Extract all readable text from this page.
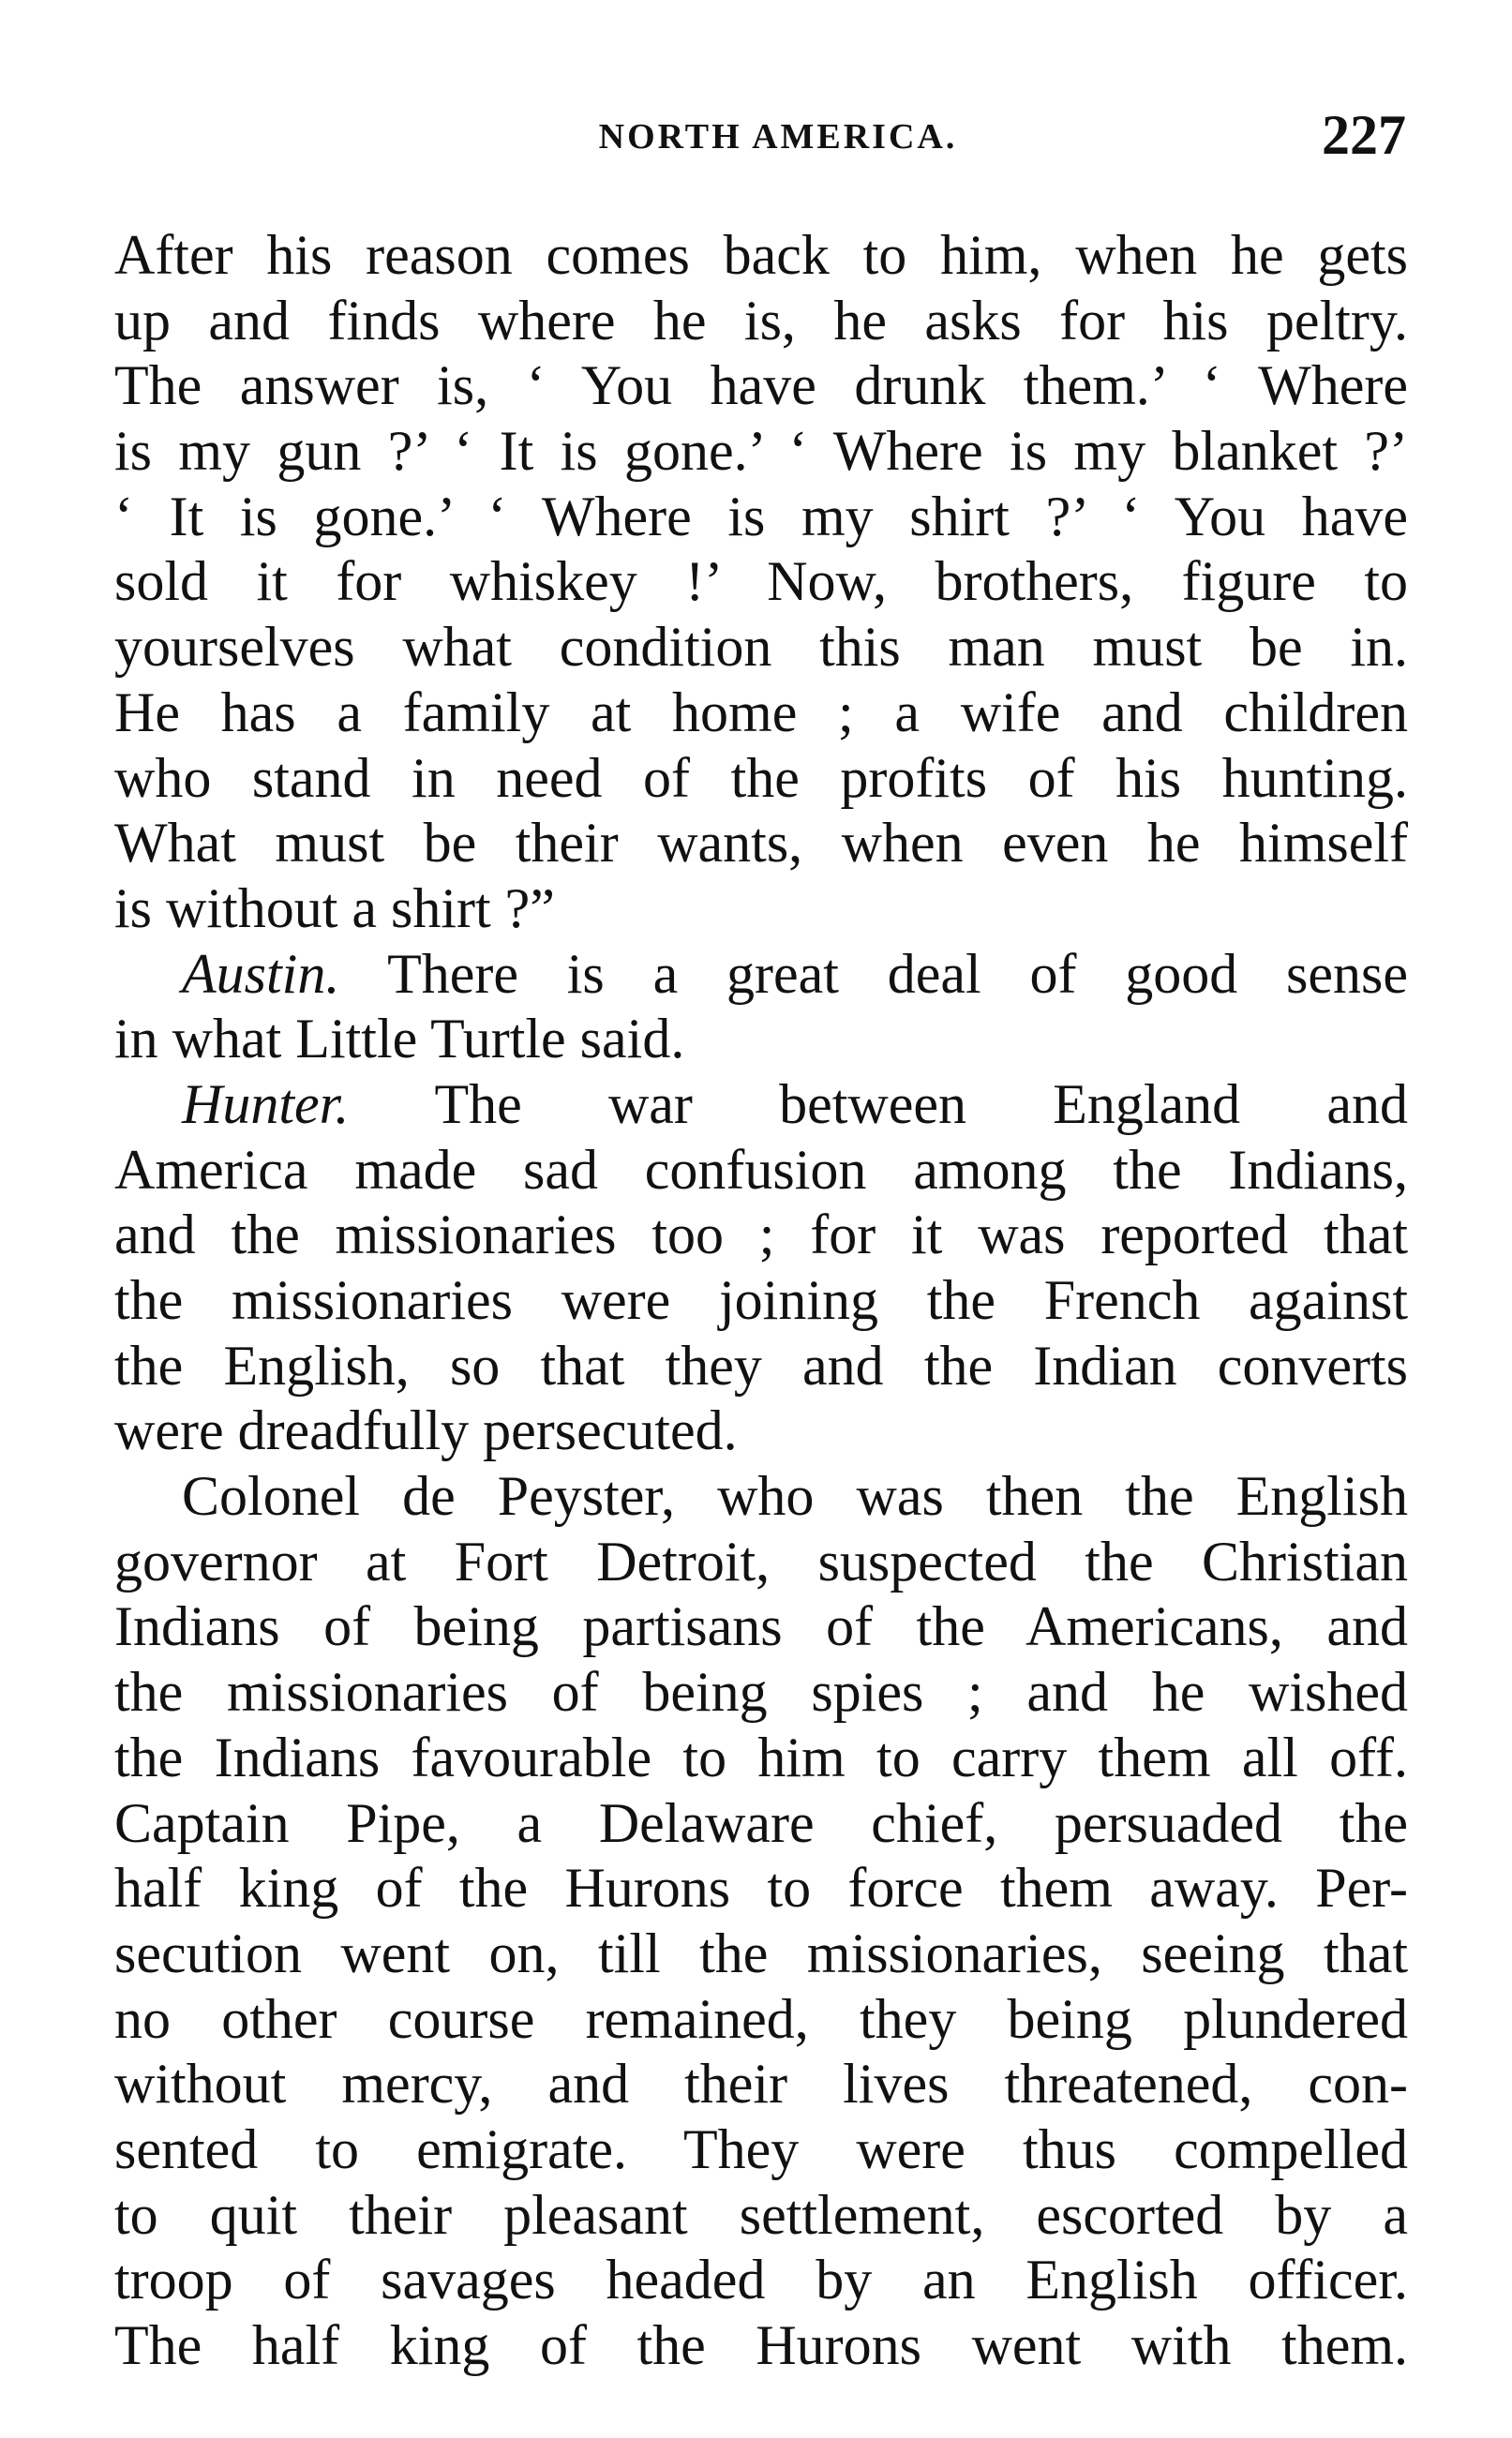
NORTH AMERICA.	227
After his reason comes back to him, when he gets
up and finds where he is, he asks for his peltry.
The answer is, ‘ You have drunk them.’ ‘ Where
is my gun ?’ ‘ It is gone.’ ‘ Where is my blanket ?’
‘ It is gone.’ ‘ Where is my shirt ?’ ‘ You have
sold it for whiskey !’ Now, brothers, figure to
yourselves what condition this man must be in.
He has a family at home ; a wife and children
who stand in need of the profits of his hunting.
What must be their wants, when even he himself
is without a shirt ?”
Austin. There is a great deal of good sense
in what Little Turtle said.
Hunter. The war between England and
America made sad confusion among the Indians,
and the missionaries too ; for it was reported that
the missionaries were joining the French against
the English, so that they and the Indian converts
were dreadfully persecuted.
Colonel de Peyster, who was then the English
governor at Fort Detroit, suspected the Christian
Indians of being partisans of the Americans, and
the missionaries of being spies ; and he wished
the Indians favourable to him to carry them all off.
Captain Pipe, a Delaware chief, persuaded the
half king of the Hurons to force them away. Per-
secution went on, till the missionaries, seeing that
no other course remained, they being plundered
without mercy, and their lives threatened, con-
sented to emigrate. They were thus compelled
to quit their pleasant settlement, escorted by a
troop of savages headed by an English officer.
The half king of the Hurons went with them.
